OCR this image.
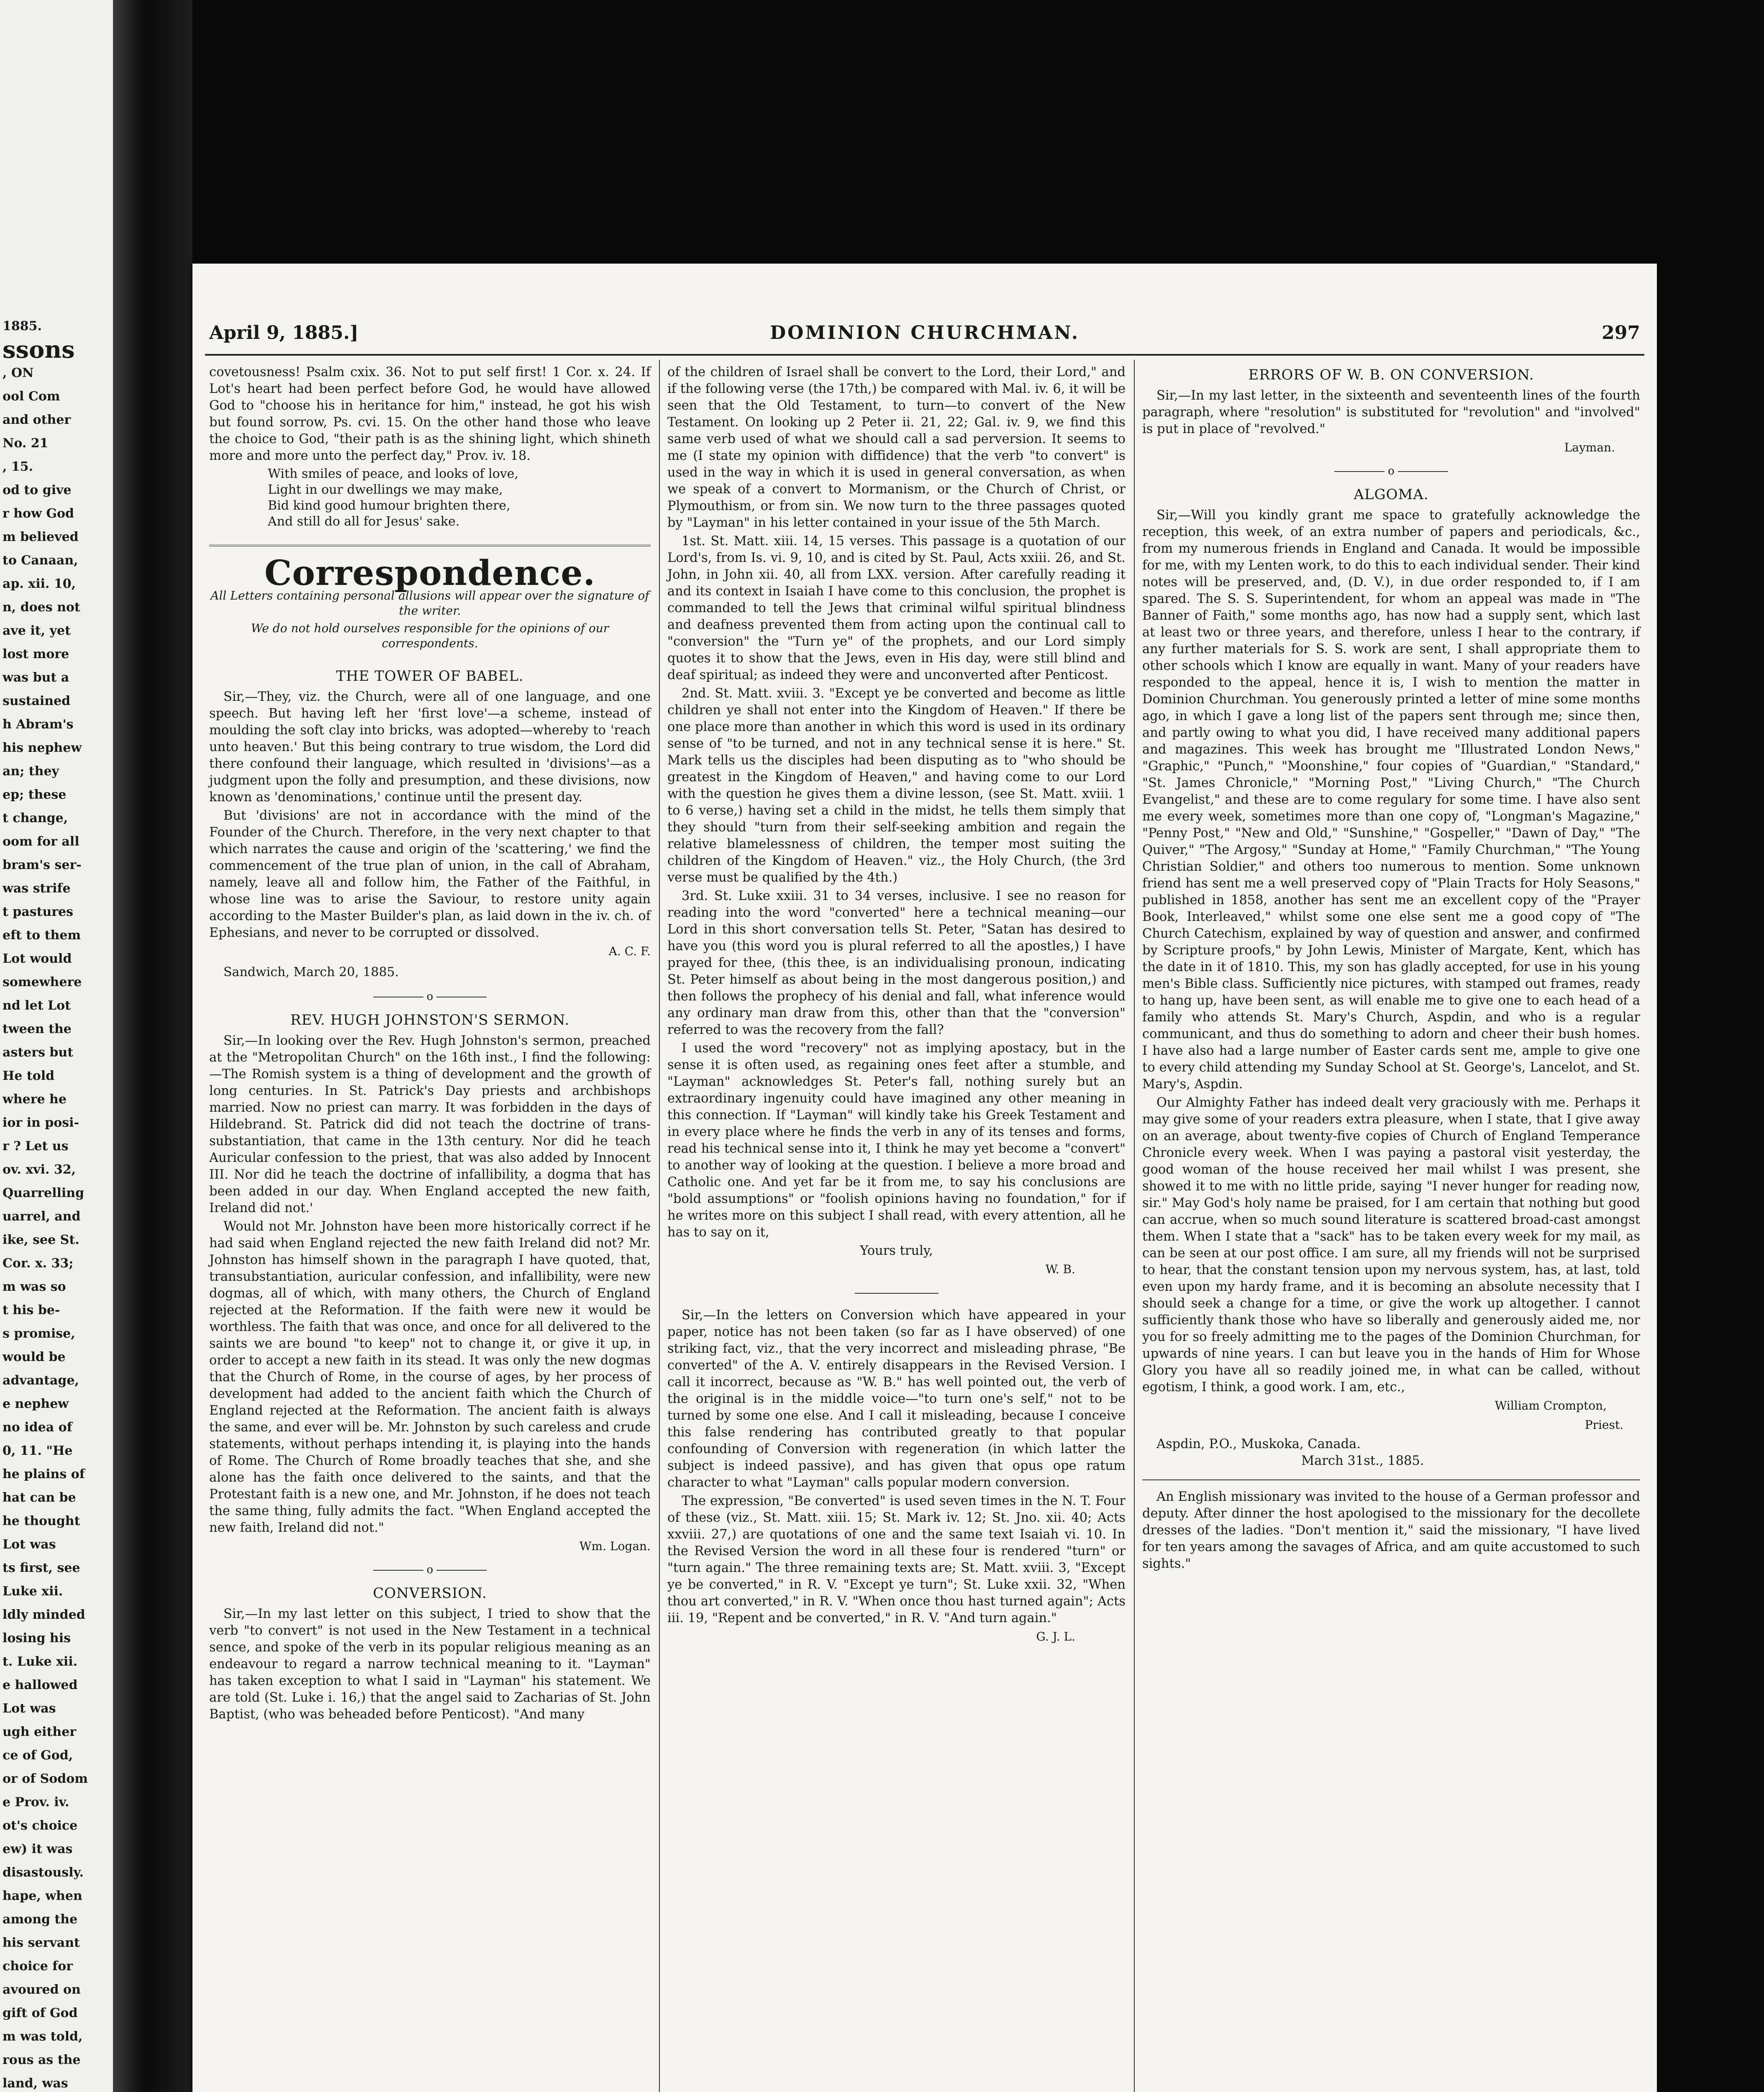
1885.
ssons
, ON
ool Com
and other
No. 21
, 15.
od to give
r how God
m believed
to Canaan,
ap. xii. 10,
n, does not
ave it, yet
lost more
was but a
sustained
h Abram's
his nephew
an; they
ep; these
t change,
oom for all
bram's ser-
was strife
t pastures
eft to them
Lot would
somewhere
nd let Lot
tween the
asters but
He told
where he
ior in posi-
r ? Let us
ov. xvi. 32,
Quarrelling
uarrel, and
ike, see St.
Cor. x. 33;
m was so
t his be-
s promise,
would be
advantage,
e nephew
no idea of
0, 11. "He
he plains of
hat can be
he thought
Lot was
ts first, see
Luke xii.
ldly minded
losing his
t. Luke xii.
e hallowed
Lot was
ugh either
ce of God,
or of Sodom
e Prov. iv.
ot's choice
ew) it was
disastously.
hape, when
among the
his servant
choice for
avoured on
gift of God
m was told,
rous as the
land, was
April 9, 1885.]	DOMINION CHURCHMAN.	297

covetousness! Psalm cxix. 36. Not to put self first! 1 Cor. x. 24. If Lot's heart had been perfect before God, he would have allowed God to "choose his in heritance for him," instead, he got his wish but found sorrow, Ps. cvi. 15. On the other hand those who leave the choice to God, "their path is as the shining light, which shineth more and more unto the perfect day," Prov. iv. 18.

With smiles of peace, and looks of love,
Light in our dwellings we may make,
Bid kind good humour brighten there,
And still do all for Jesus' sake.
Correspondence.
All Letters containing personal allusions will appear over the signature of the writer.
We do not hold ourselves responsible for the opinions of our correspondents.
THE TOWER OF BABEL.

Sir,—They, viz. the Church, were all of one language, and one speech. But having left her 'first love'—a scheme, instead of moulding the soft clay into bricks, was adopted—whereby to 'reach unto heaven.' But this being contrary to true wisdom, the Lord did there confound their language, which resulted in 'divisions'—as a judgment upon the folly and presumption, and these divisions, now known as 'denominations,' continue until the present day.

But 'divisions' are not in accordance with the mind of the Founder of the Church. Therefore, in the very next chapter to that which narrates the cause and origin of the 'scattering,' we find the commencement of the true plan of union, in the call of Abraham, namely, leave all and follow him, the Father of the Faithful, in whose line was to arise the Saviour, to restore unity again according to the Master Builder's plan, as laid down in the iv. ch. of Ephesians, and never to be corrupted or dissolved.

A. C. F.
Sandwich, March 20, 1885.
o
REV. HUGH JOHNSTON'S SERMON.

Sir,—In looking over the Rev. Hugh Johnston's sermon, preached at the "Metropolitan Church" on the 16th inst., I find the following:—The Romish system is a thing of development and the growth of long centuries. In St. Patrick's Day priests and archbishops married. Now no priest can marry. It was forbidden in the days of Hildebrand. St. Patrick did did not teach the doctrine of trans-substantiation, that came in the 13th century. Nor did he teach Auricular confession to the priest, that was also added by Innocent III. Nor did he teach the doctrine of infallibility, a dogma that has been added in our day. When England accepted the new faith, Ireland did not.'

Would not Mr. Johnston have been more historically correct if he had said when England rejected the new faith Ireland did not? Mr. Johnston has himself shown in the paragraph I have quoted, that, transubstantiation, auricular confession, and infallibility, were new dogmas, all of which, with many others, the Church of England rejected at the Reformation. If the faith were new it would be worthless. The faith that was once, and once for all delivered to the saints we are bound "to keep" not to change it, or give it up, in order to accept a new faith in its stead. It was only the new dogmas that the Church of Rome, in the course of ages, by her process of development had added to the ancient faith which the Church of England rejected at the Reformation. The ancient faith is always the same, and ever will be. Mr. Johnston by such careless and crude statements, without perhaps intending it, is playing into the hands of Rome. The Church of Rome broadly teaches that she, and she alone has the faith once delivered to the saints, and that the Protestant faith is a new one, and Mr. Johnston, if he does not teach the same thing, fully admits the fact. "When England accepted the new faith, Ireland did not."

Wm. Logan.
o
CONVERSION.

Sir,—In my last letter on this subject, I tried to show that the verb "to convert" is not used in the New Testament in a technical sence, and spoke of the verb in its popular religious meaning as an endeavour to regard a narrow technical meaning to it. "Layman" has taken exception to what I said in "Layman" his statement. We are told (St. Luke i. 16,) that the angel said to Zacharias of St. John Baptist, (who was beheaded before Penticost). "And many

of the children of Israel shall be convert to the Lord, their Lord," and if the following verse (the 17th,) be compared with Mal. iv. 6, it will be seen that the Old Testament, to turn—to convert of the New Testament. On looking up 2 Peter ii. 21, 22; Gal. iv. 9, we find this same verb used of what we should call a sad perversion. It seems to me (I state my opinion with diffidence) that the verb "to convert" is used in the way in which it is used in general conversation, as when we speak of a convert to Mormanism, or the Church of Christ, or Plymouthism, or from sin. We now turn to the three passages quoted by "Layman" in his letter contained in your issue of the 5th March.

1st. St. Matt. xiii. 14, 15 verses. This passage is a quotation of our Lord's, from Is. vi. 9, 10, and is cited by St. Paul, Acts xxiii. 26, and St. John, in John xii. 40, all from LXX. version. After carefully reading it and its context in Isaiah I have come to this conclusion, the prophet is commanded to tell the Jews that criminal wilful spiritual blindness and deafness prevented them from acting upon the continual call to "conversion" the "Turn ye" of the prophets, and our Lord simply quotes it to show that the Jews, even in His day, were still blind and deaf spiritual; as indeed they were and unconverted after Penticost.

2nd. St. Matt. xviii. 3. "Except ye be converted and become as little children ye shall not enter into the Kingdom of Heaven." If there be one place more than another in which this word is used in its ordinary sense of "to be turned, and not in any technical sense it is here." St. Mark tells us the disciples had been disputing as to "who should be greatest in the Kingdom of Heaven," and having come to our Lord with the question he gives them a divine lesson, (see St. Matt. xviii. 1 to 6 verse,) having set a child in the midst, he tells them simply that they should "turn from their self-seeking ambition and regain the relative blamelessness of children, the temper most suiting the children of the Kingdom of Heaven." viz., the Holy Church, (the 3rd verse must be qualified by the 4th.)

3rd. St. Luke xxiii. 31 to 34 verses, inclusive. I see no reason for reading into the word "converted" here a technical meaning—our Lord in this short conversation tells St. Peter, "Satan has desired to have you (this word you is plural referred to all the apostles,) I have prayed for thee, (this thee, is an individualising pronoun, indicating St. Peter himself as about being in the most dangerous position,) and then follows the prophecy of his denial and fall, what inference would any ordinary man draw from this, other than that the "conversion" referred to was the recovery from the fall?

I used the word "recovery" not as implying apostacy, but in the sense it is often used, as regaining ones feet after a stumble, and "Layman" acknowledges St. Peter's fall, nothing surely but an extraordinary ingenuity could have imagined any other meaning in this connection. If "Layman" will kindly take his Greek Testament and in every place where he finds the verb in any of its tenses and forms, read his technical sense into it, I think he may yet become a "convert" to another way of looking at the question. I believe a more broad and Catholic one. And yet far be it from me, to say his conclusions are "bold assumptions" or "foolish opinions having no foundation," for if he writes more on this subject I shall read, with every attention, all he has to say on it,

Yours truly,
W. B.

Sir,—In the letters on Conversion which have appeared in your paper, notice has not been taken (so far as I have observed) of one striking fact, viz., that the very incorrect and misleading phrase, "Be converted" of the A. V. entirely disappears in the Revised Version. I call it incorrect, because as "W. B." has well pointed out, the verb of the original is in the middle voice—"to turn one's self," not to be turned by some one else. And I call it misleading, because I conceive this false rendering has contributed greatly to that popular confounding of Conversion with regeneration (in which latter the subject is indeed passive), and has given that opus ope ratum character to what "Layman" calls popular modern conversion.

The expression, "Be converted" is used seven times in the N. T. Four of these (viz., St. Matt. xiii. 15; St. Mark iv. 12; St. Jno. xii. 40; Acts xxviii. 27,) are quotations of one and the same text Isaiah vi. 10. In the Revised Version the word in all these four is rendered "turn" or "turn again." The three remaining texts are; St. Matt. xviii. 3, "Except ye be converted," in R. V. "Except ye turn"; St. Luke xxii. 32, "When thou art converted," in R. V. "When once thou hast turned again"; Acts iii. 19, "Repent and be converted," in R. V. "And turn again."

G. J. L.
ERRORS OF W. B. ON CONVERSION.

Sir,—In my last letter, in the sixteenth and seventeenth lines of the fourth paragraph, where "resolution" is substituted for "revolution" and "involved" is put in place of "revolved."

Layman.
o
ALGOMA.

Sir,—Will you kindly grant me space to gratefully acknowledge the reception, this week, of an extra number of papers and periodicals, &c., from my numerous friends in England and Canada. It would be impossible for me, with my Lenten work, to do this to each individual sender. Their kind notes will be preserved, and, (D. V.), in due order responded to, if I am spared. The S. S. Superintendent, for whom an appeal was made in "The Banner of Faith," some months ago, has now had a supply sent, which last at least two or three years, and therefore, unless I hear to the contrary, if any further materials for S. S. work are sent, I shall appropriate them to other schools which I know are equally in want. Many of your readers have responded to the appeal, hence it is, I wish to mention the matter in Dominion Churchman. You generously printed a letter of mine some months ago, in which I gave a long list of the papers sent through me; since then, and partly owing to what you did, I have received many additional papers and magazines. This week has brought me "Illustrated London News," "Graphic," "Punch," "Moonshine," four copies of "Guardian," "Standard," "St. James Chronicle," "Morning Post," "Living Church," "The Church Evangelist," and these are to come regulary for some time. I have also sent me every week, sometimes more than one copy of, "Longman's Magazine," "Penny Post," "New and Old," "Sunshine," "Gospeller," "Dawn of Day," "The Quiver," "The Argosy," "Sunday at Home," "Family Churchman," "The Young Christian Soldier," and others too numerous to mention. Some unknown friend has sent me a well preserved copy of "Plain Tracts for Holy Seasons," published in 1858, another has sent me an excellent copy of the "Prayer Book, Interleaved," whilst some one else sent me a good copy of "The Church Catechism, explained by way of question and answer, and confirmed by Scripture proofs," by John Lewis, Minister of Margate, Kent, which has the date in it of 1810. This, my son has gladly accepted, for use in his young men's Bible class. Sufficiently nice pictures, with stamped out frames, ready to hang up, have been sent, as will enable me to give one to each head of a family who attends St. Mary's Church, Aspdin, and who is a regular communicant, and thus do something to adorn and cheer their bush homes. I have also had a large number of Easter cards sent me, ample to give one to every child attending my Sunday School at St. George's, Lancelot, and St. Mary's, Aspdin.

Our Almighty Father has indeed dealt very graciously with me. Perhaps it may give some of your readers extra pleasure, when I state, that I give away on an average, about twenty-five copies of Church of England Temperance Chronicle every week. When I was paying a pastoral visit yesterday, the good woman of the house received her mail whilst I was present, she showed it to me with no little pride, saying "I never hunger for reading now, sir." May God's holy name be praised, for I am certain that nothing but good can accrue, when so much sound literature is scattered broad-cast amongst them. When I state that a "sack" has to be taken every week for my mail, as can be seen at our post office. I am sure, all my friends will not be surprised to hear, that the constant tension upon my nervous system, has, at last, told even upon my hardy frame, and it is becoming an absolute necessity that I should seek a change for a time, or give the work up altogether. I cannot sufficiently thank those who have so liberally and generously aided me, nor you for so freely admitting me to the pages of the Dominion Churchman, for upwards of nine years. I can but leave you in the hands of Him for Whose Glory you have all so readily joined me, in what can be called, without egotism, I think, a good work. I am, etc.,

William Crompton,
Priest.
Aspdin, P.O., Muskoka, Canada.
March 31st., 1885.

An English missionary was invited to the house of a German professor and deputy. After dinner the host apologised to the missionary for the decollete dresses of the ladies. "Don't mention it," said the missionary, "I have lived for ten years among the savages of Africa, and am quite accustomed to such sights."
